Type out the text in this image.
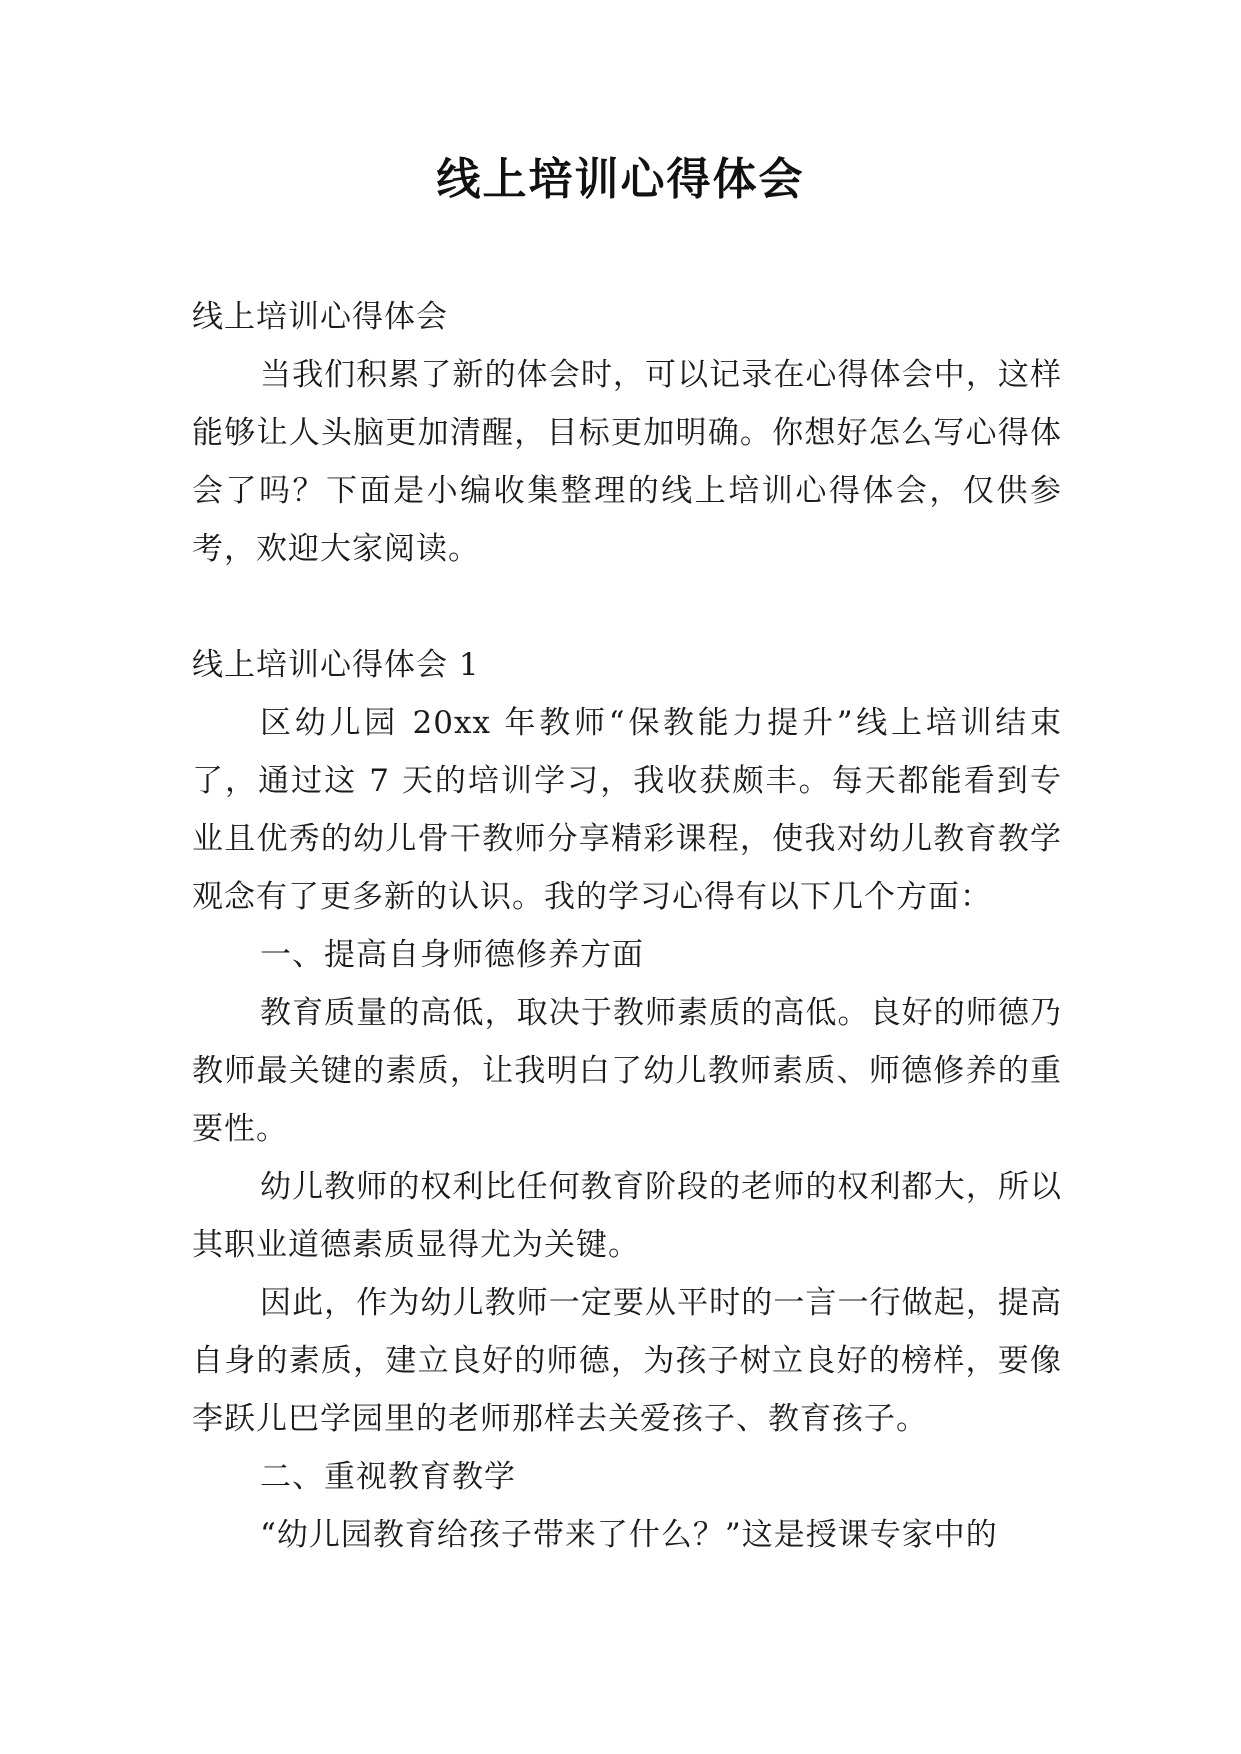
线上培训心得体会

线上培训心得体会

当我们积累了新的体会时，可以记录在心得体会中，这样能够让人头脑更加清醒，目标更加明确。你想好怎么写心得体会了吗？下面是小编收集整理的线上培训心得体会，仅供参考，欢迎大家阅读。

线上培训心得体会 1

区幼儿园 20xx 年教师“保教能力提升”线上培训结束了，通过这 7 天的培训学习，我收获颇丰。每天都能看到专业且优秀的幼儿骨干教师分享精彩课程，使我对幼儿教育教学观念有了更多新的认识。我的学习心得有以下几个方面：

一、提高自身师德修养方面

教育质量的高低，取决于教师素质的高低。良好的师德乃教师最关键的素质，让我明白了幼儿教师素质、师德修养的重要性。

幼儿教师的权利比任何教育阶段的老师的权利都大，所以其职业道德素质显得尤为关键。

因此，作为幼儿教师一定要从平时的一言一行做起，提高自身的素质，建立良好的师德，为孩子树立良好的榜样，要像李跃儿巴学园里的老师那样去关爱孩子、教育孩子。

二、重视教育教学

“幼儿园教育给孩子带来了什么？”这是授课专家中的
